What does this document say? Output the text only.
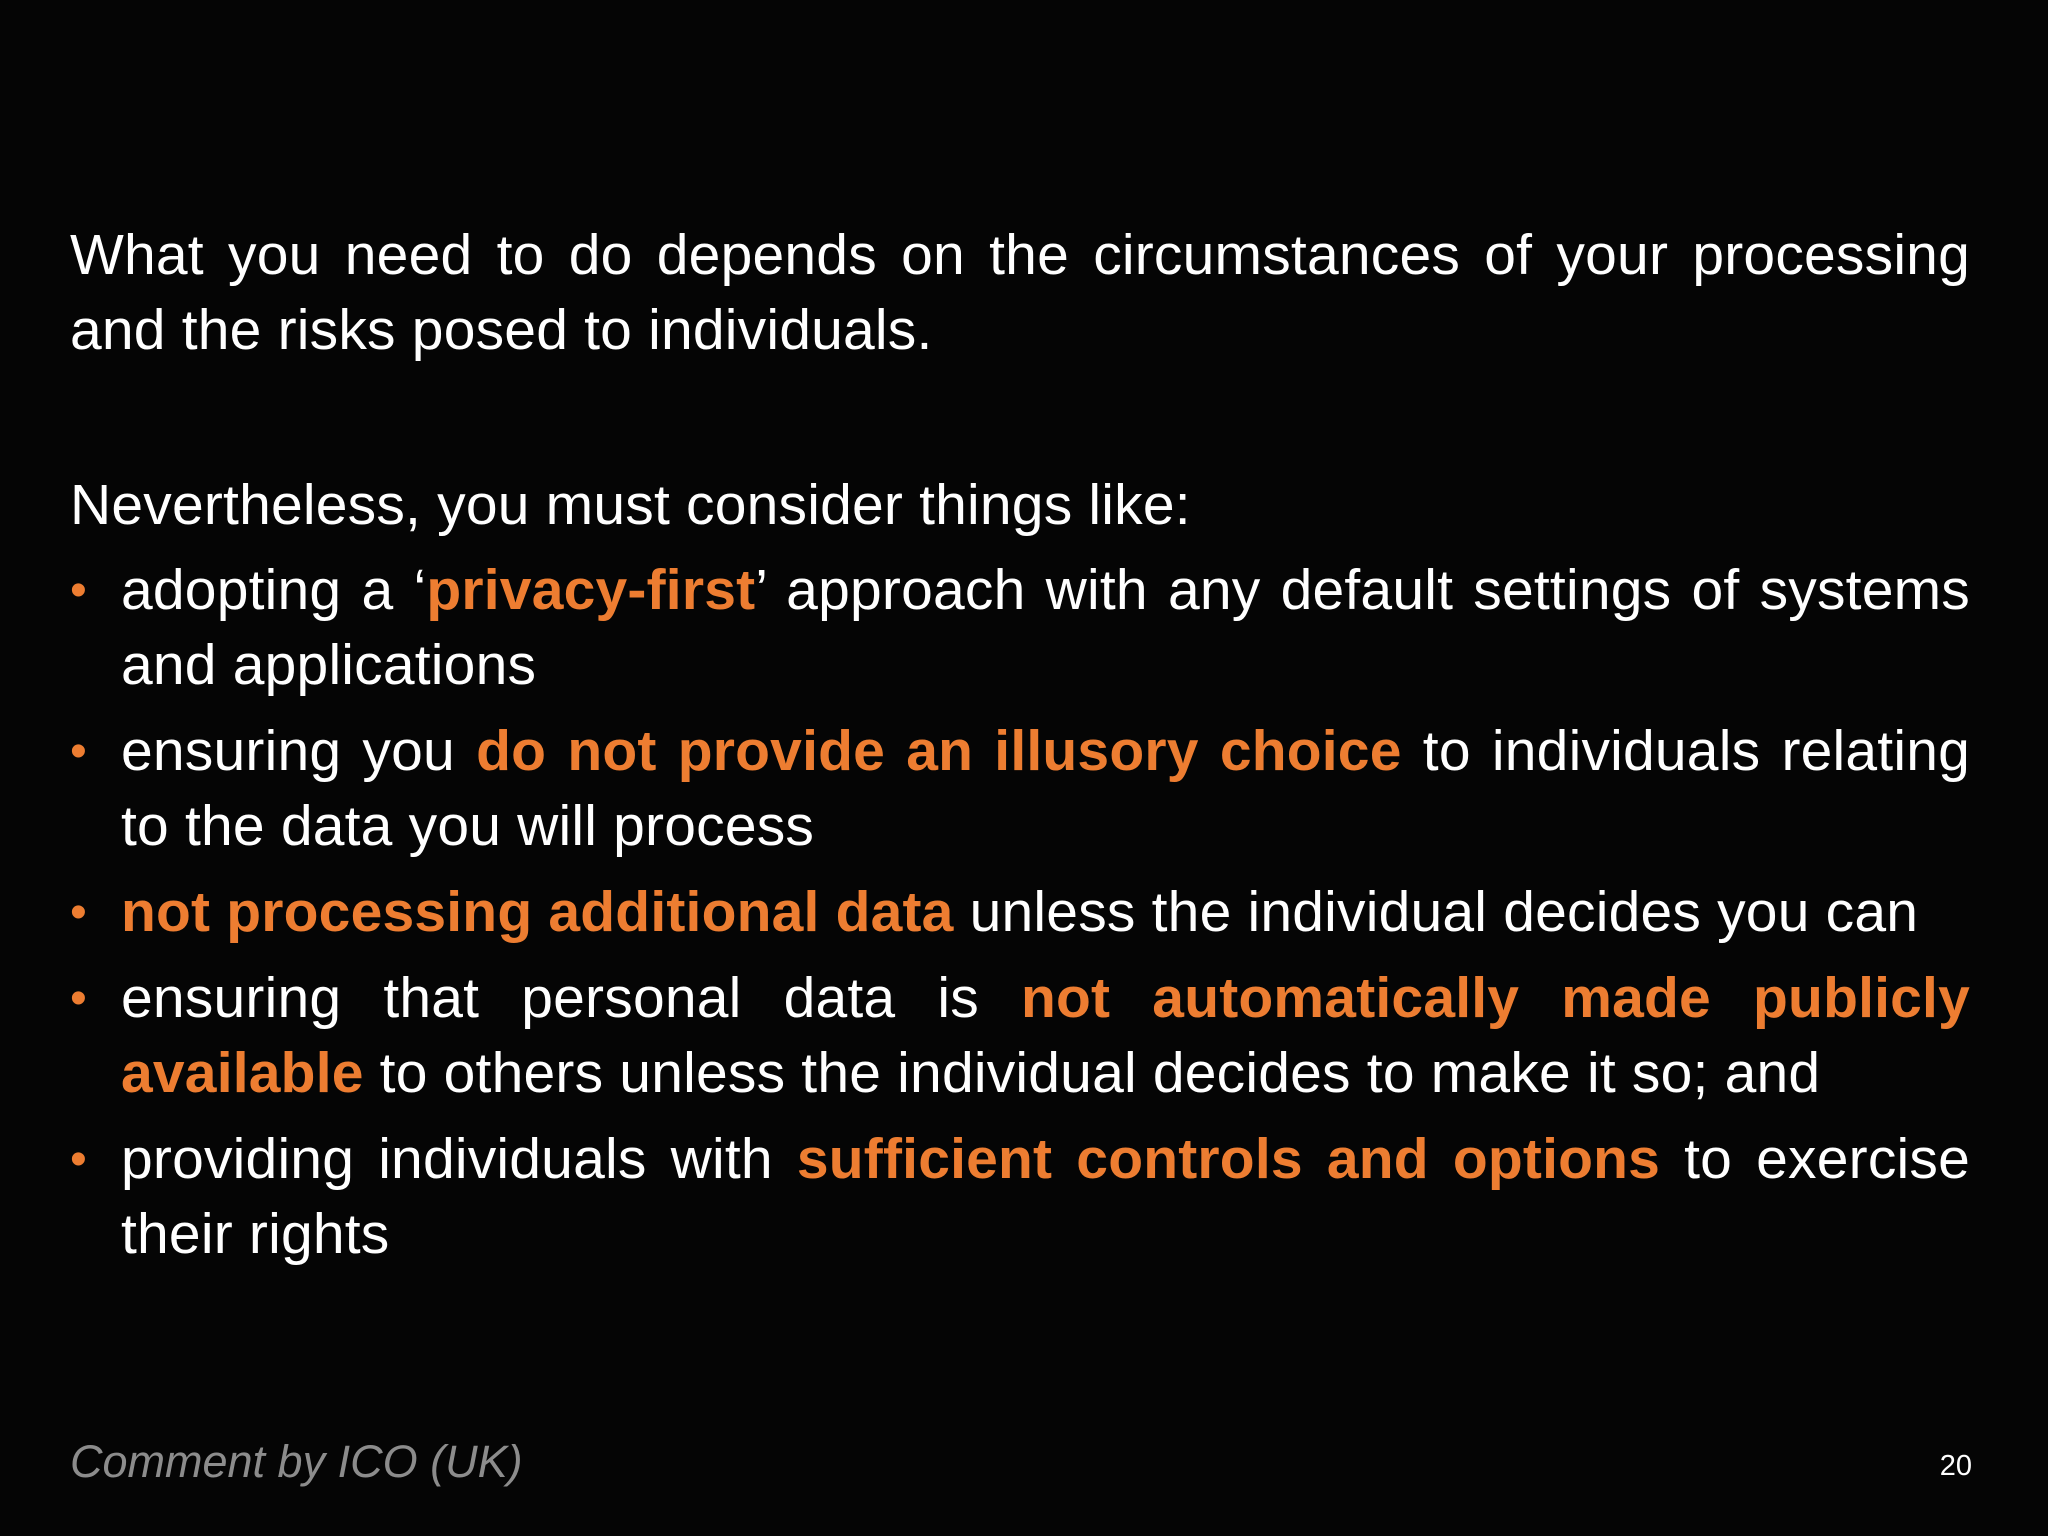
What you need to do depends on the circumstances of your processing and the risks posed to individuals.

Nevertheless, you must consider things like:

• adopting a ‘privacy-first’ approach with any default settings of systems and applications
• ensuring you do not provide an illusory choice to individuals relating to the data you will process
• not processing additional data unless the individual decides you can
• ensuring that personal data is not automatically made publicly available to others unless the individual decides to make it so; and
• providing individuals with sufficient controls and options to exercise their rights
Comment by ICO (UK)	20
